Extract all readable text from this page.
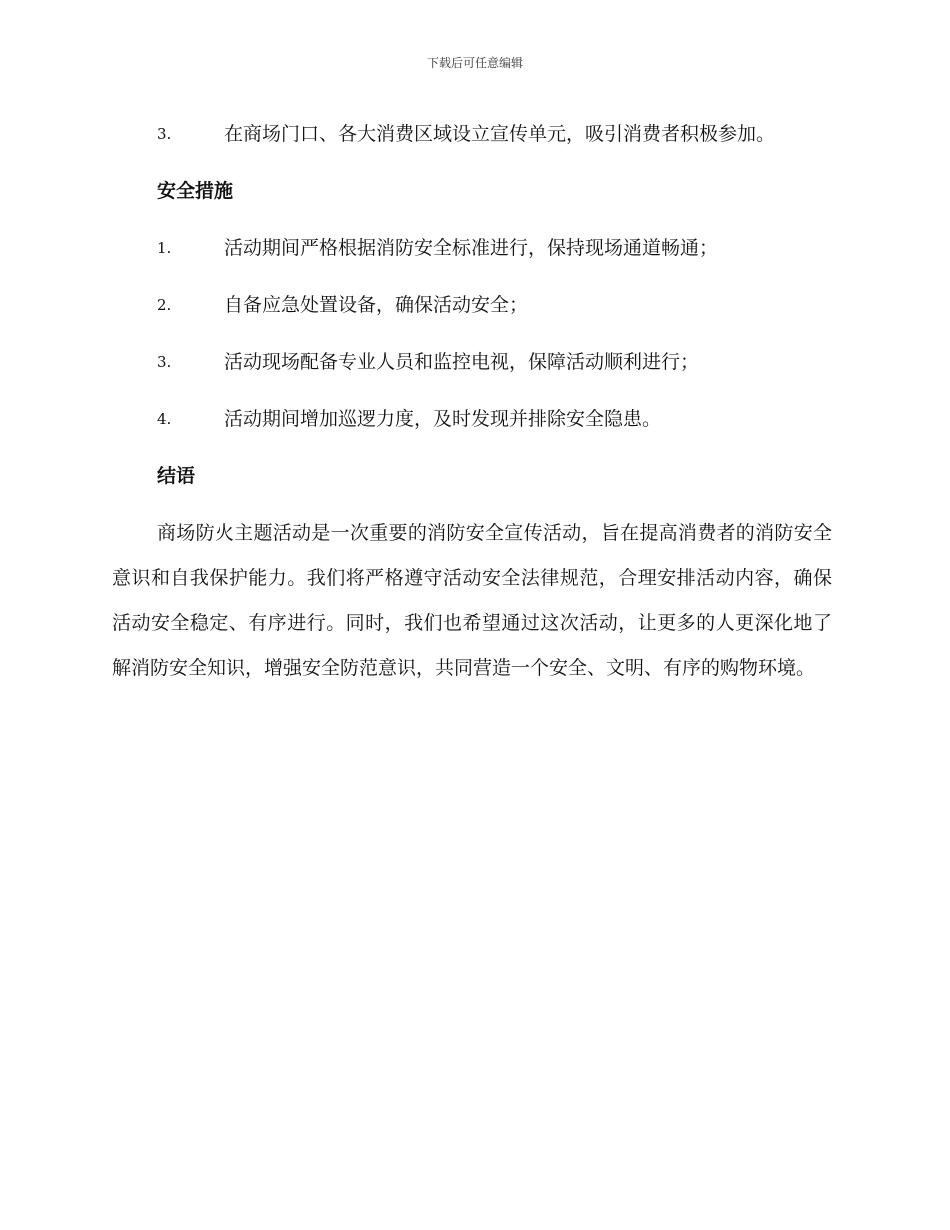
下载后可任意编辑
3.	在商场门口、各大消费区域设立宣传单元，吸引消费者积极参加。
安全措施
1.	活动期间严格根据消防安全标准进行，保持现场通道畅通；
2.	自备应急处置设备，确保活动安全；
3.	活动现场配备专业人员和监控电视，保障活动顺利进行；
4.	活动期间增加巡逻力度，及时发现并排除安全隐患。
结语
商场防火主题活动是一次重要的消防安全宣传活动，旨在提高消费者的消防安全意识和自我保护能力。我们将严格遵守活动安全法律规范，合理安排活动内容，确保活动安全稳定、有序进行。同时，我们也希望通过这次活动，让更多的人更深化地了解消防安全知识，增强安全防范意识，共同营造一个安全、文明、有序的购物环境。
